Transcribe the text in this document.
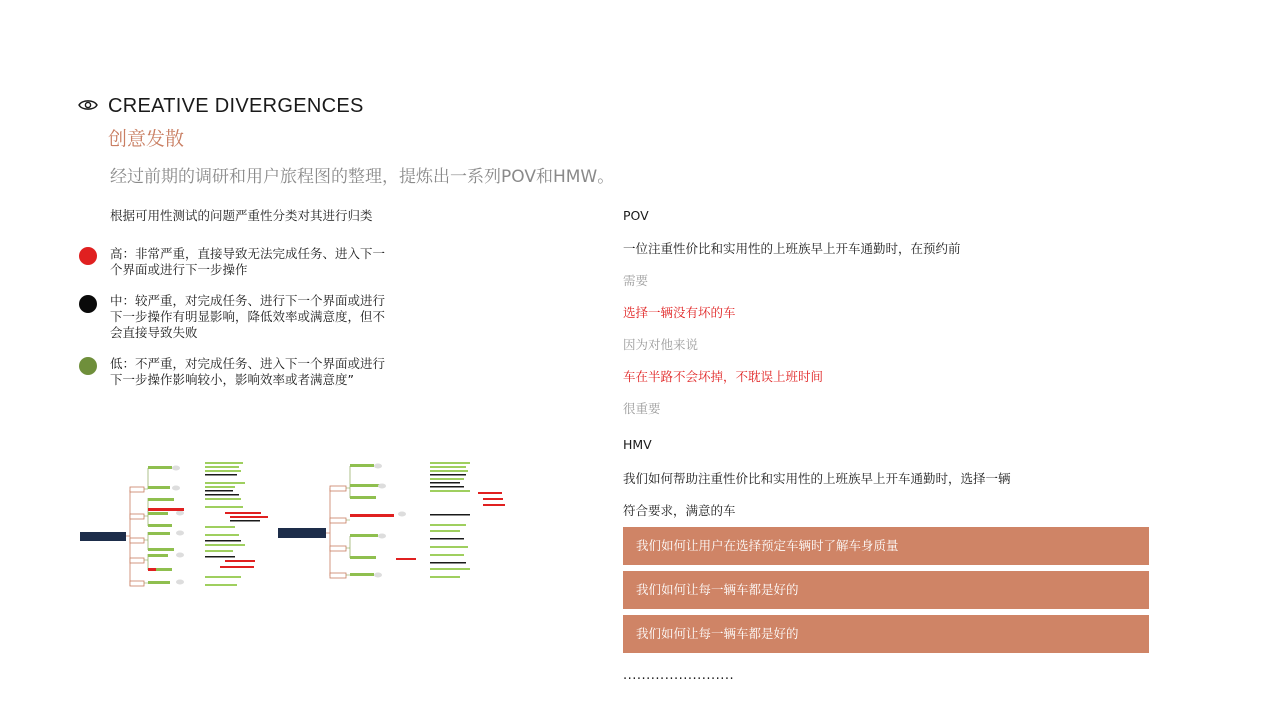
CREATIVE DIVERGENCES
创意发散
经过前期的调研和用户旅程图的整理，提炼出一系列POV和HMW。
根据可用性测试的问题严重性分类对其进行归类
高：非常严重，直接导致无法完成任务、进入下一个界面或进行下一步操作
中：较严重，对完成任务、进行下一个界面或进行下一步操作有明显影响，降低效率或满意度，但不会直接导致失败
低：不严重，对完成任务、进入下一个界面或进行下一步操作影响较小，影响效率或者满意度”
POV
一位注重性价比和实用性的上班族早上开车通勤时，在预约前
需要
选择一辆没有坏的车
因为对他来说
车在半路不会坏掉，不耽误上班时间
很重要
HMV
我们如何帮助注重性价比和实用性的上班族早上开车通勤时，选择一辆
符合要求，满意的车
我们如何让用户在选择预定车辆时了解车身质量
我们如何让每一辆车都是好的
我们如何让每一辆车都是好的
........................
